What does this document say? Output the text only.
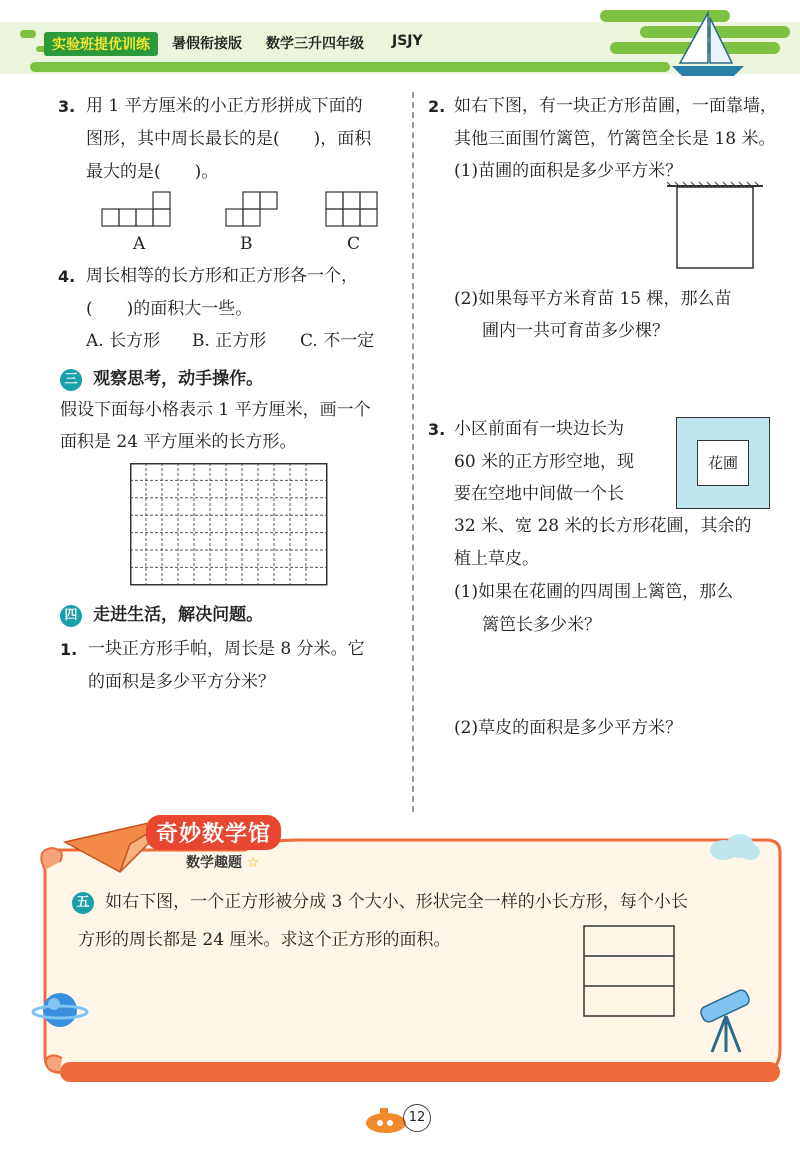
实验班提优训练	暑假衔接版 数学三升四年级 JSJY
3. 用 1 平方厘米的小正方形拼成下面的
图形，其中周长最长的是(　　)，面积
最大的是(　　)。
A	B	C
4. 周长相等的长方形和正方形各一个，
(　　)的面积大一些。
A. 长方形 B. 正方形 C. 不一定
三 观察思考，动手操作。
假设下面每小格表示 1 平方厘米，画一个
面积是 24 平方厘米的长方形。
四 走进生活，解决问题。
1. 一块正方形手帕，周长是 8 分米。它
的面积是多少平方分米？
2. 如右下图，有一块正方形苗圃，一面靠墙，
其他三面围竹篱笆，竹篱笆全长是 18 米。
(1)苗圃的面积是多少平方米？
(2)如果每平方米育苗 15 棵，那么苗
圃内一共可育苗多少棵？
3. 小区前面有一块边长为
60 米的正方形空地，现
要在空地中间做一个长
32 米、宽 28 米的长方形花圃，其余的
植上草皮。
花圃
(1)如果在花圃的四周围上篱笆，那么
篱笆长多少米？
(2)草皮的面积是多少平方米？
奇妙数学馆
数学趣题 ☆
五 如右下图，一个正方形被分成 3 个大小、形状完全一样的小长方形，每个小长
方形的周长都是 24 厘米。求这个正方形的面积。
12
